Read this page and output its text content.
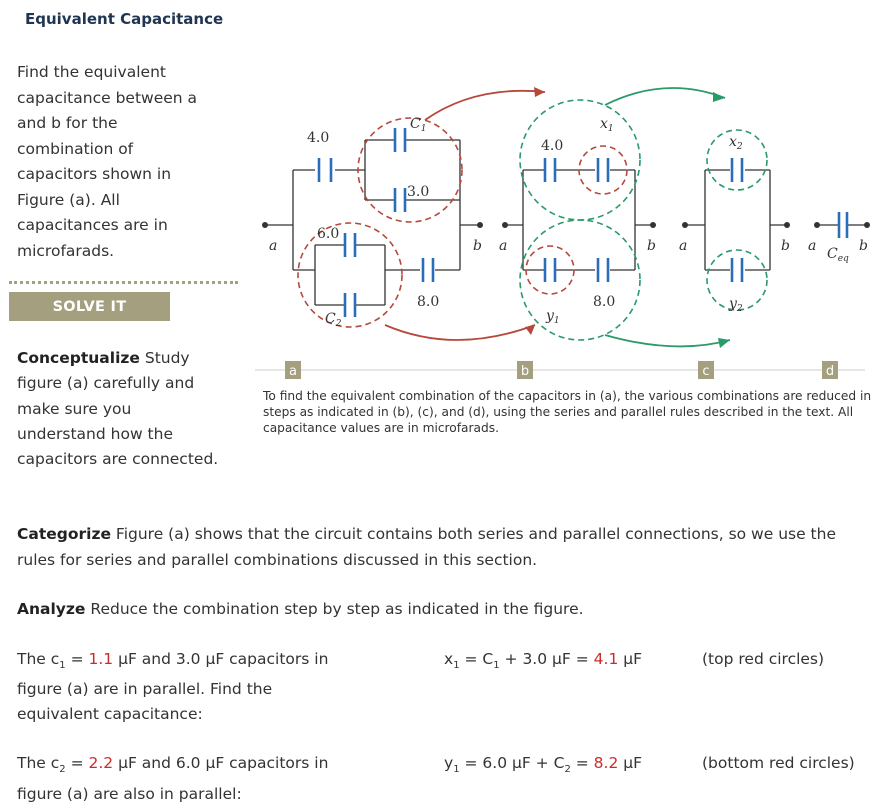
Equivalent Capacitance
Find the equivalent capacitance between a and b for the combination of capacitors shown in Figure (a). All capacitances are in microfarads.
SOLVE IT
Conceptualize Study figure (a) carefully and make sure you understand how the capacitors are connected.
4.0
3.0
6.0
8.0
$C_1$
$C_2$
4.0
8.0
$x_1$
$y_1$
$x_2$
$y_2$
$C_{eq}$
a	b a	b a	b a	b
a	b	c	d
To find the equivalent combination of the capacitors in (a), the various combinations are reduced in steps as indicated in (b), (c), and (d), using the series and parallel rules described in the text. All capacitance values are in microfarads.
Categorize Figure (a) shows that the circuit contains both series and parallel connections, so we use the rules for series and parallel combinations discussed in this section.
Analyze Reduce the combination step by step as indicated in the figure.
The $c_1 = 1.1$ μF and 3.0 μF capacitors in
figure (a) are in parallel. Find the
equivalent capacitance:
$x_1 = C_1 + 3.0$ μF = 4.1 μF	(top red circles)
The $c_2 = 2.2$ μF and 6.0 μF capacitors in
figure (a) are also in parallel:
$y_1 = 6.0$ $\mu F + C_2 = 8.2$ μF	(bottom red circles)
